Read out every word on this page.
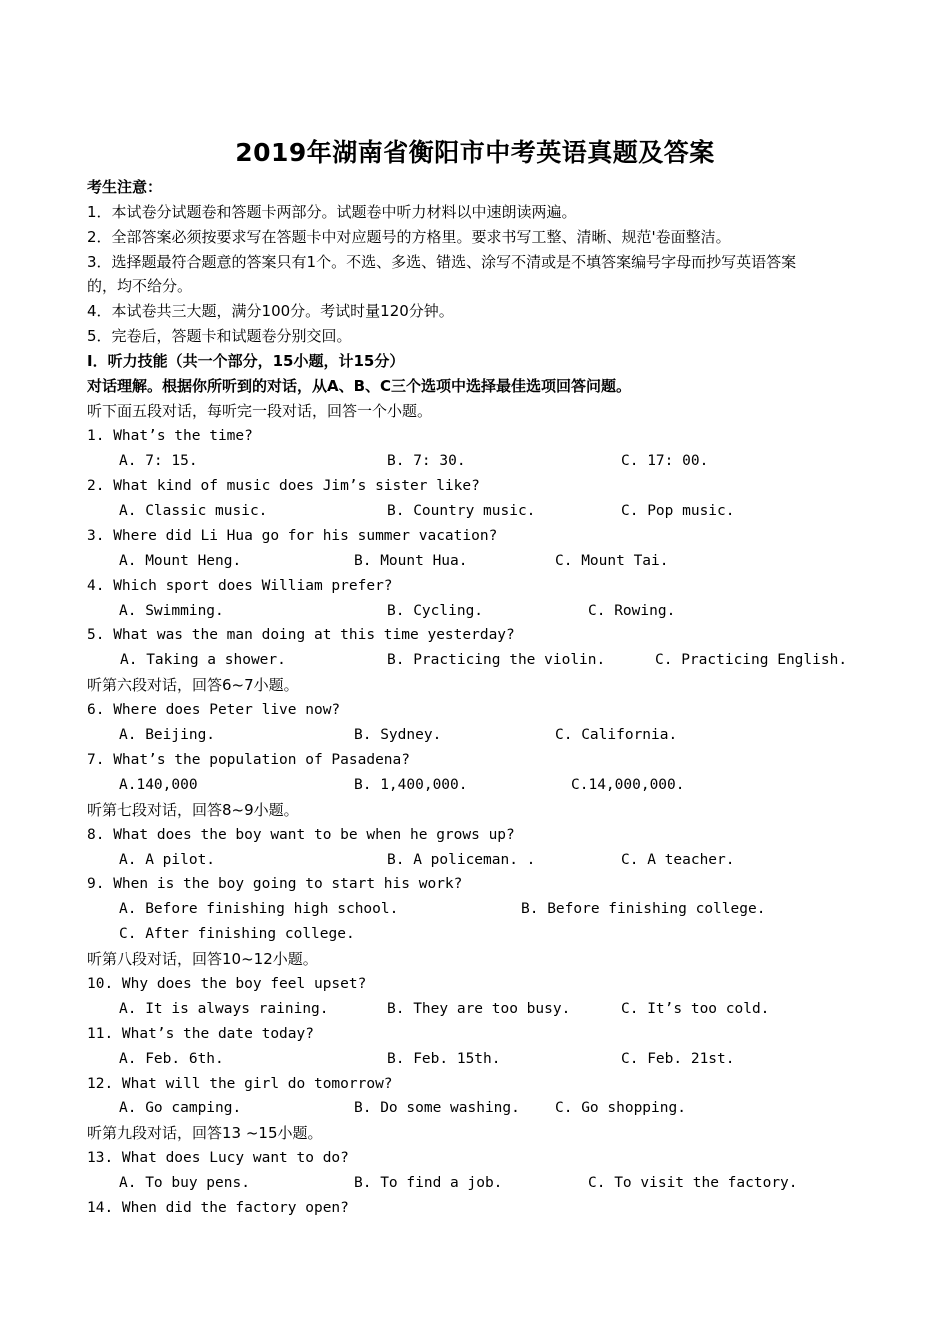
2019年湖南省衡阳市中考英语真题及答案
考生注意：
1．本试卷分试题卷和答题卡两部分。试题卷中听力材料以中速朗读两遍。
2．全部答案必须按要求写在答题卡中对应题号的方格里。要求书写工整、清晰、规范'卷面整洁。
3．选择题最符合题意的答案只有1个。不选、多选、错选、涂写不清或是不填答案编号字母而抄写英语答案
的，均不给分。
4．本试卷共三大题，满分100分。考试时量120分钟。
5．完卷后，答题卡和试题卷分别交回。
I．听力技能（共一个部分，15小题，计15分）
对话理解。根据你所听到的对话，从A、B、C三个选项中选择最佳选项回答问题。
听下面五段对话，每听完一段对话，回答一个小题。
1. What’s the time?
A. 7: 15.	B. 7: 30.	C. 17: 00.
2. What kind of music does Jim’s sister like?
A. Classic music.	B. Country music.	C. Pop music.
3. Where did Li Hua go for his summer vacation?
A. Mount Heng.	B. Mount Hua.	C. Mount Tai.
4. Which sport does William prefer?
A. Swimming.	B. Cycling.	C. Rowing.
5. What was the man doing at this time yesterday?
A. Taking a shower.	B. Practicing the violin.	C. Practicing English.
听第六段对话，回答6~7小题。
6. Where does Peter live now?
A. Beijing.	B. Sydney.	C. California.
7. What’s the population of Pasadena?
A.140,000	B. 1,400,000.	C.14,000,000.
听第七段对话，回答8~9小题。
8. What does the boy want to be when he grows up?
A. A pilot.	B. A policeman. .	C. A teacher.
9. When is the boy going to start his work?
A. Before finishing high school.	B. Before finishing college.
C. After finishing college.
听第八段对话，回答10~12小题。
10. Why does the boy feel upset?
A. It is always raining.	B. They are too busy.	C. It’s too cold.
11. What’s the date today?
A. Feb. 6th.	B. Feb. 15th.	C. Feb. 21st.
12. What will the girl do tomorrow?
A. Go camping.	B. Do some washing. C. Go shopping.
听第九段对话，回答13 ~15小题。
13. What does Lucy want to do?
A. To buy pens.	B. To find a job.	C. To visit the factory.
14. When did the factory open?
